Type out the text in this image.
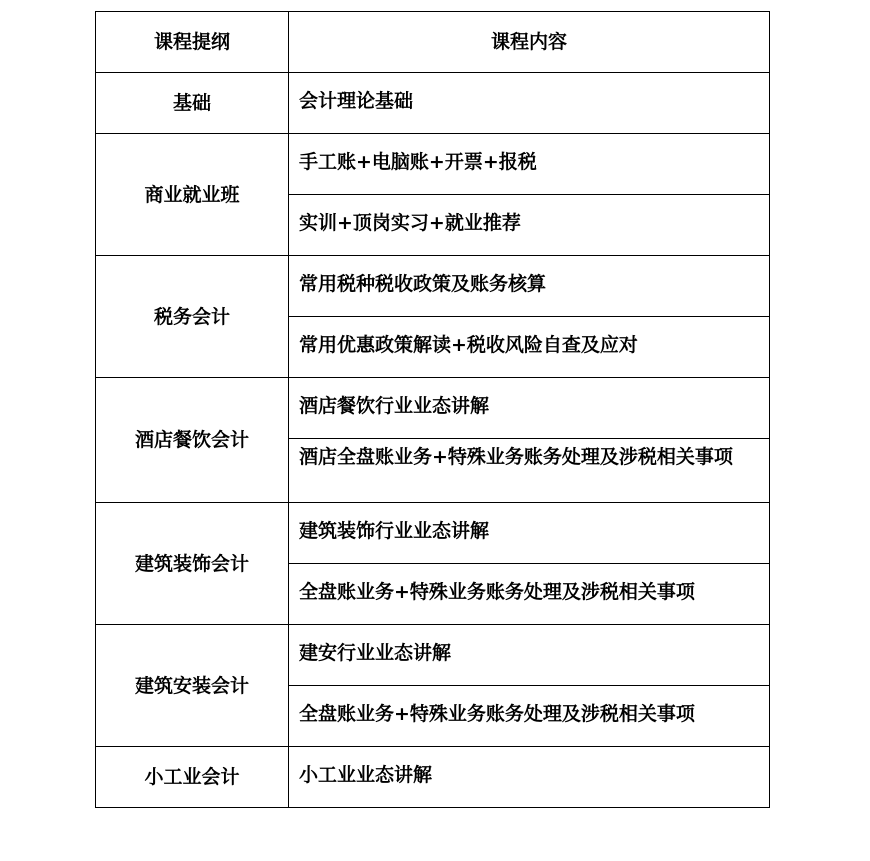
课程提纲	课程内容
基础	会计理论基础
商业就业班	手工账+电脑账+开票+报税
	实训+顶岗实习+就业推荐
税务会计	常用税种税收政策及账务核算
	常用优惠政策解读+税收风险自查及应对
酒店餐饮会计	酒店餐饮行业业态讲解
	酒店全盘账业务+特殊业务账务处理及涉税相关事项
建筑装饰会计	建筑装饰行业业态讲解
	全盘账业务+特殊业务账务处理及涉税相关事项
建筑安装会计	建安行业业态讲解
	全盘账业务+特殊业务账务处理及涉税相关事项
小工业会计	小工业业态讲解
